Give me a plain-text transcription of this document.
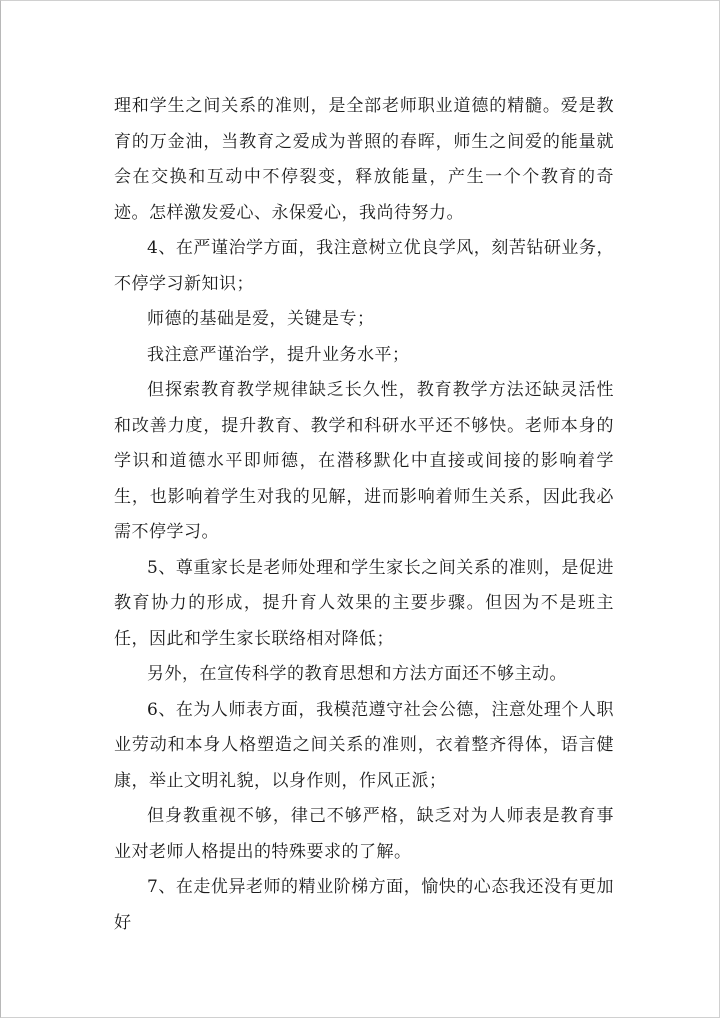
理和学生之间关系的准则，是全部老师职业道德的精髓。爱是教育的万金油，当教育之爱成为普照的春晖，师生之间爱的能量就会在交换和互动中不停裂变，释放能量，产生一个个教育的奇迹。怎样激发爱心、永保爱心，我尚待努力。

4、在严谨治学方面，我注意树立优良学风，刻苦钻研业务，不停学习新知识；

师德的基础是爱，关键是专；

我注意严谨治学，提升业务水平；

但探索教育教学规律缺乏长久性，教育教学方法还缺灵活性和改善力度，提升教育、教学和科研水平还不够快。老师本身的学识和道德水平即师德，在潜移默化中直接或间接的影响着学生，也影响着学生对我的见解，进而影响着师生关系，因此我必需不停学习。

5、尊重家长是老师处理和学生家长之间关系的准则，是促进教育协力的形成，提升育人效果的主要步骤。但因为不是班主任，因此和学生家长联络相对降低；

另外，在宣传科学的教育思想和方法方面还不够主动。

6、在为人师表方面，我模范遵守社会公德，注意处理个人职业劳动和本身人格塑造之间关系的准则，衣着整齐得体，语言健康，举止文明礼貌，以身作则，作风正派；

但身教重视不够，律己不够严格，缺乏对为人师表是教育事业对老师人格提出的特殊要求的了解。

7、在走优异老师的精业阶梯方面，愉快的心态我还没有更加好
